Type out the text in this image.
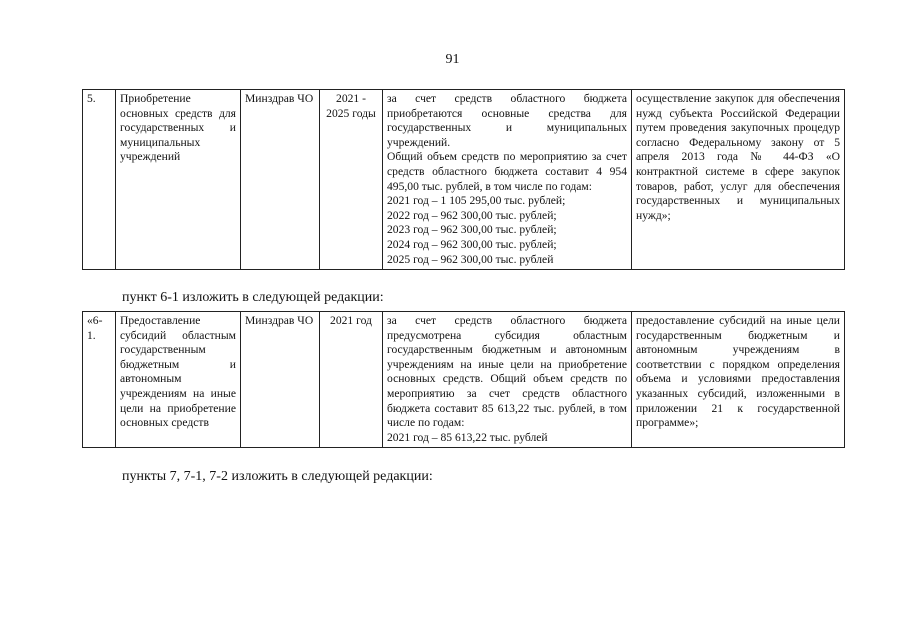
91
5.	Приобретение основных средств для государственных и муниципальных учреждений	Минздрав ЧО	2021 - 2025 годы	
за счет средств областного бюджета приобретаются основные средства для государственных и муниципальных учреждений.
Общий объем средств по мероприятию за счет средств областного бюджета составит 4 954 495,00 тыс. рублей, в том числе по годам:
2021 год – 1 105 295,00 тыс. рублей;
2022 год – 962 300,00 тыс. рублей;
2023 год – 962 300,00 тыс. рублей;
2024 год – 962 300,00 тыс. рублей;
2025 год – 962 300,00 тыс. рублей
	осуществление закупок для обеспечения нужд субъекта Российской Федерации путем проведения закупочных процедур согласно Федеральному закону от 5 апреля 2013 года № 44-ФЗ «О контрактной системе в сфере закупок товаров, работ, услуг для обеспечения государственных и муниципальных нужд»;
пункт 6-1 изложить в следующей редакции:
«6-1.	Предоставление субсидий областным государственным бюджетным и автономным учреждениям на иные цели на приобретение основных средств	Минздрав ЧО	2021 год	за счет средств областного бюджета предусмотрена субсидия областным государственным бюджетным и автономным учреждениям на иные цели на приобретение основных средств. Общий объем средств по мероприятию за счет средств областного бюджета составит 85 613,22 тыс. рублей, в том числе по годам:
2021 год – 85 613,22 тыс. рублей
	предоставление субсидий на иные цели государственным бюджетным и автономным учреждениям в соответствии с порядком определения объема и условиями предоставления указанных субсидий, изложенными в приложении 21 к государственной программе»;
пункты 7, 7-1, 7-2 изложить в следующей редакции:
